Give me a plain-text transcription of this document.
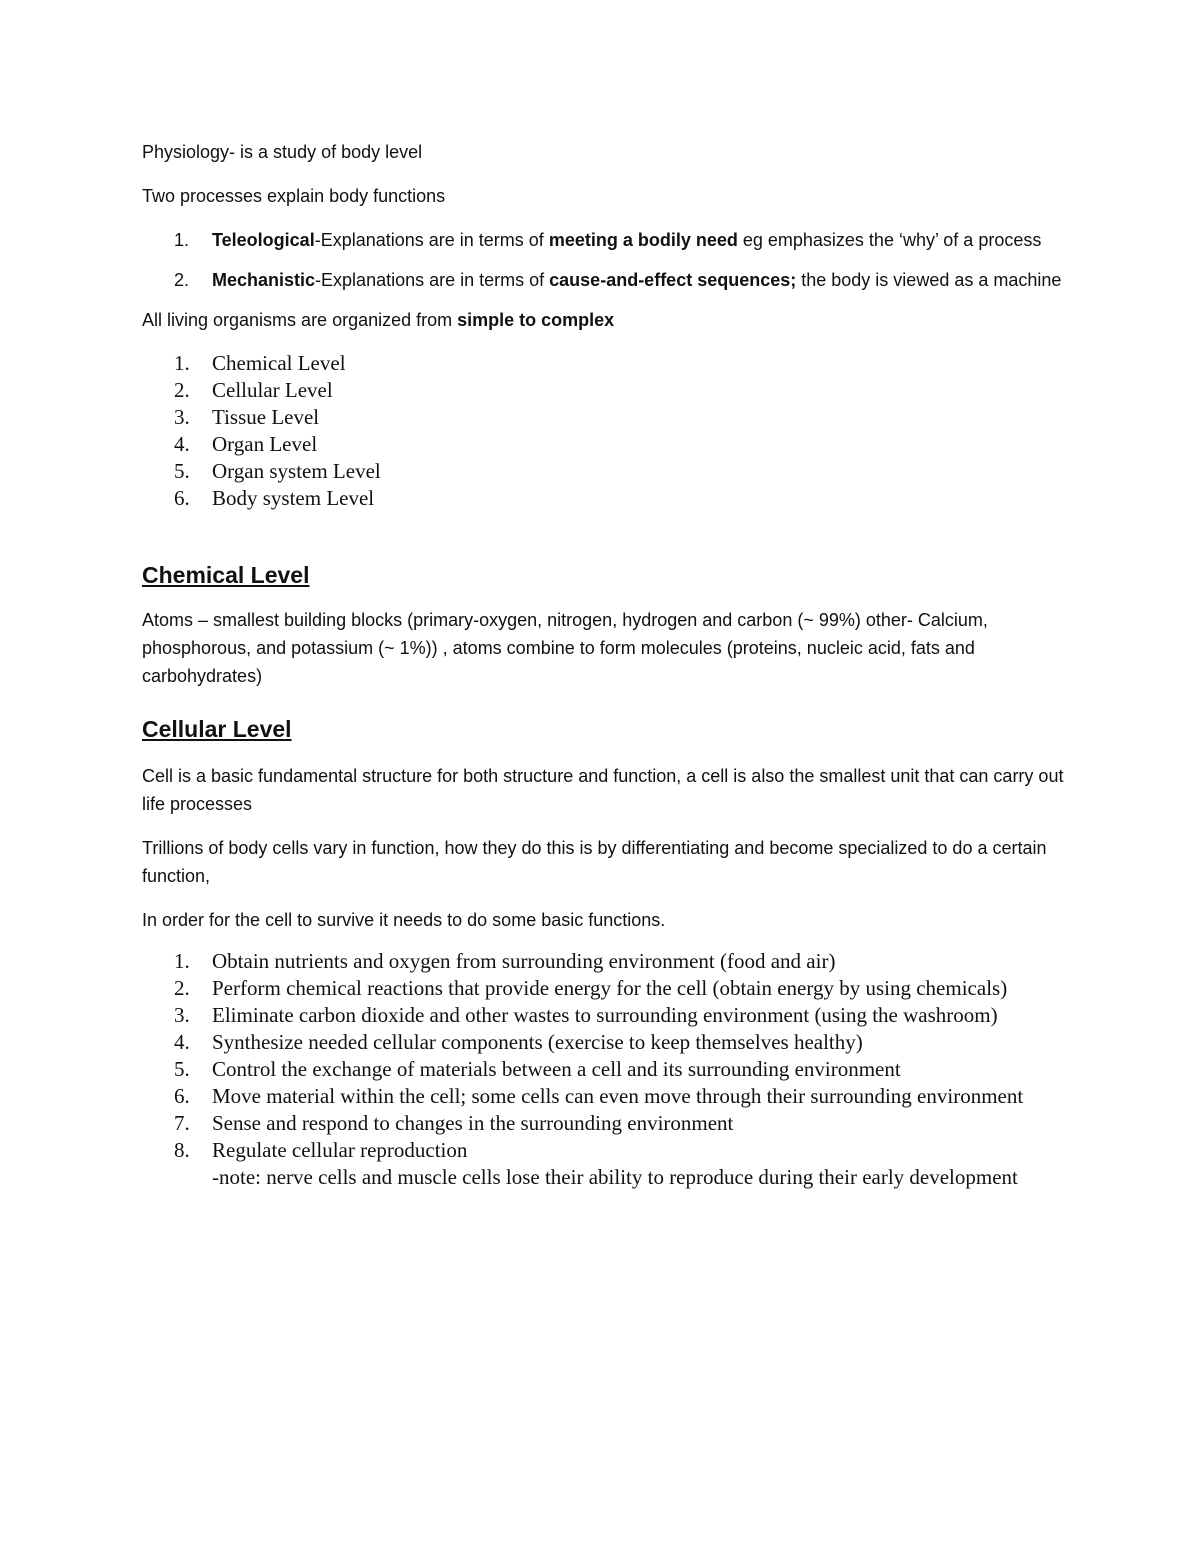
Physiology- is a study of body level

Two processes explain body functions

1. Teleological-Explanations are in terms of meeting a bodily need eg emphasizes the ‘why’ of a process
2. Mechanistic-Explanations are in terms of cause-and-effect sequences; the body is viewed as a machine

All living organisms are organized from simple to complex

1. Chemical Level
2. Cellular Level
3. Tissue Level
4. Organ Level
5. Organ system Level
6. Body system Level
Chemical Level

Atoms – smallest building blocks (primary-oxygen, nitrogen, hydrogen and carbon (~ 99%) other- Calcium, phosphorous, and potassium (~ 1%)) , atoms combine to form molecules (proteins, nucleic acid, fats and carbohydrates)

Cellular Level

Cell is a basic fundamental structure for both structure and function, a cell is also the smallest unit that can carry out life processes

Trillions of body cells vary in function, how they do this is by differentiating and become specialized to do a certain function,

In order for the cell to survive it needs to do some basic functions.

1. Obtain nutrients and oxygen from surrounding environment (food and air)
2. Perform chemical reactions that provide energy for the cell (obtain energy by using chemicals)
3. Eliminate carbon dioxide and other wastes to surrounding environment (using the washroom)
4. Synthesize needed cellular components (exercise to keep themselves healthy)
5. Control the exchange of materials between a cell and its surrounding environment
6. Move material within the cell; some cells can even move through their surrounding environment
7. Sense and respond to changes in the surrounding environment
8. Regulate cellular reproduction
-note: nerve cells and muscle cells lose their ability to reproduce during their early development
